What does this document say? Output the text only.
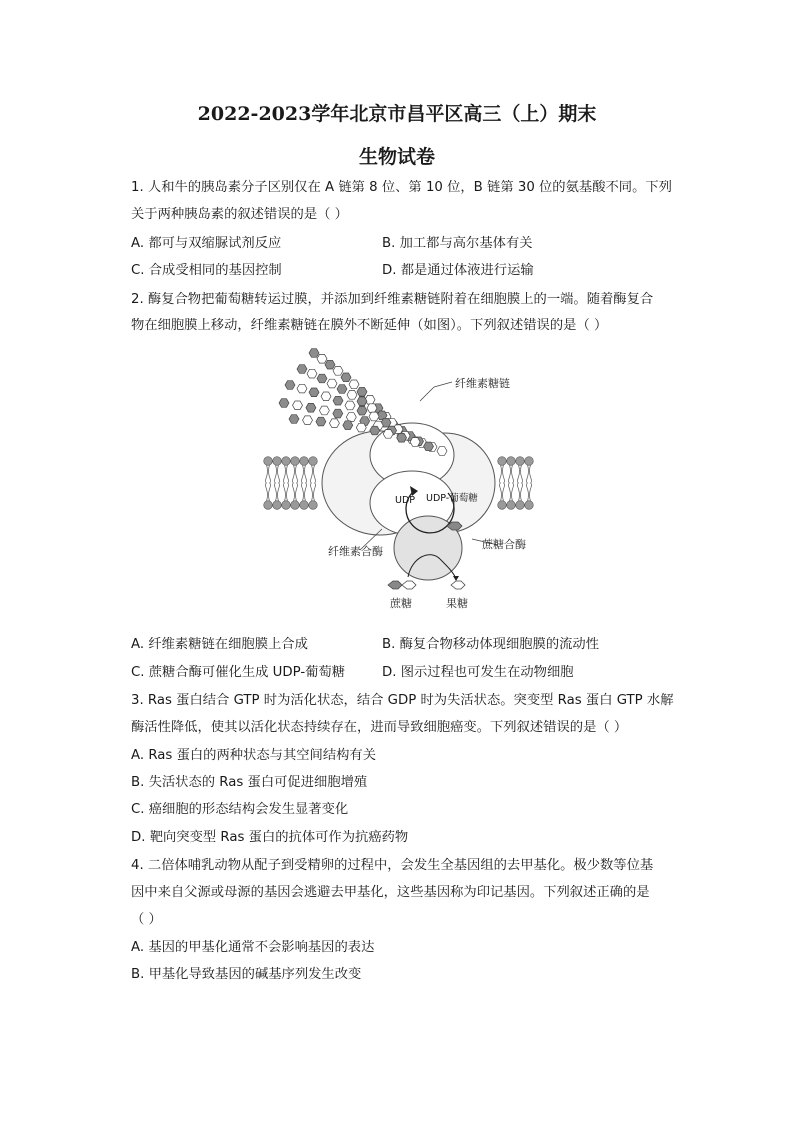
2022-2023学年北京市昌平区高三（上）期末
生物试卷
1. 人和牛的胰岛素分子区别仅在 A 链第 8 位、第 10 位，B 链第 30 位的氨基酸不同。下列
关于两种胰岛素的叙述错误的是（ ）
A. 都可与双缩脲试剂反应	B. 加工都与高尔基体有关
C. 合成受相同的基因控制	D. 都是通过体液进行运输
2. 酶复合物把葡萄糖转运过膜，并添加到纤维素糖链附着在细胞膜上的一端。随着酶复合
物在细胞膜上移动，纤维素糖链在膜外不断延伸（如图）。下列叙述错误的是（ ）
纤维素糖链
UDP UDP-葡萄糖
纤维素合酶
蔗糖合酶
蔗糖	果糖
A. 纤维素糖链在细胞膜上合成	B. 酶复合物移动体现细胞膜的流动性
C. 蔗糖合酶可催化生成 UDP-葡萄糖	D. 图示过程也可发生在动物细胞
3. Ras 蛋白结合 GTP 时为活化状态，结合 GDP 时为失活状态。突变型 Ras 蛋白 GTP 水解
酶活性降低，使其以活化状态持续存在，进而导致细胞癌变。下列叙述错误的是（ ）
A. Ras 蛋白的两种状态与其空间结构有关
B. 失活状态的 Ras 蛋白可促进细胞增殖
C. 癌细胞的形态结构会发生显著变化
D. 靶向突变型 Ras 蛋白的抗体可作为抗癌药物
4. 二倍体哺乳动物从配子到受精卵的过程中，会发生全基因组的去甲基化。极少数等位基
因中来自父源或母源的基因会逃避去甲基化，这些基因称为印记基因。下列叙述正确的是
（ ）
A. 基因的甲基化通常不会影响基因的表达
B. 甲基化导致基因的碱基序列发生改变
